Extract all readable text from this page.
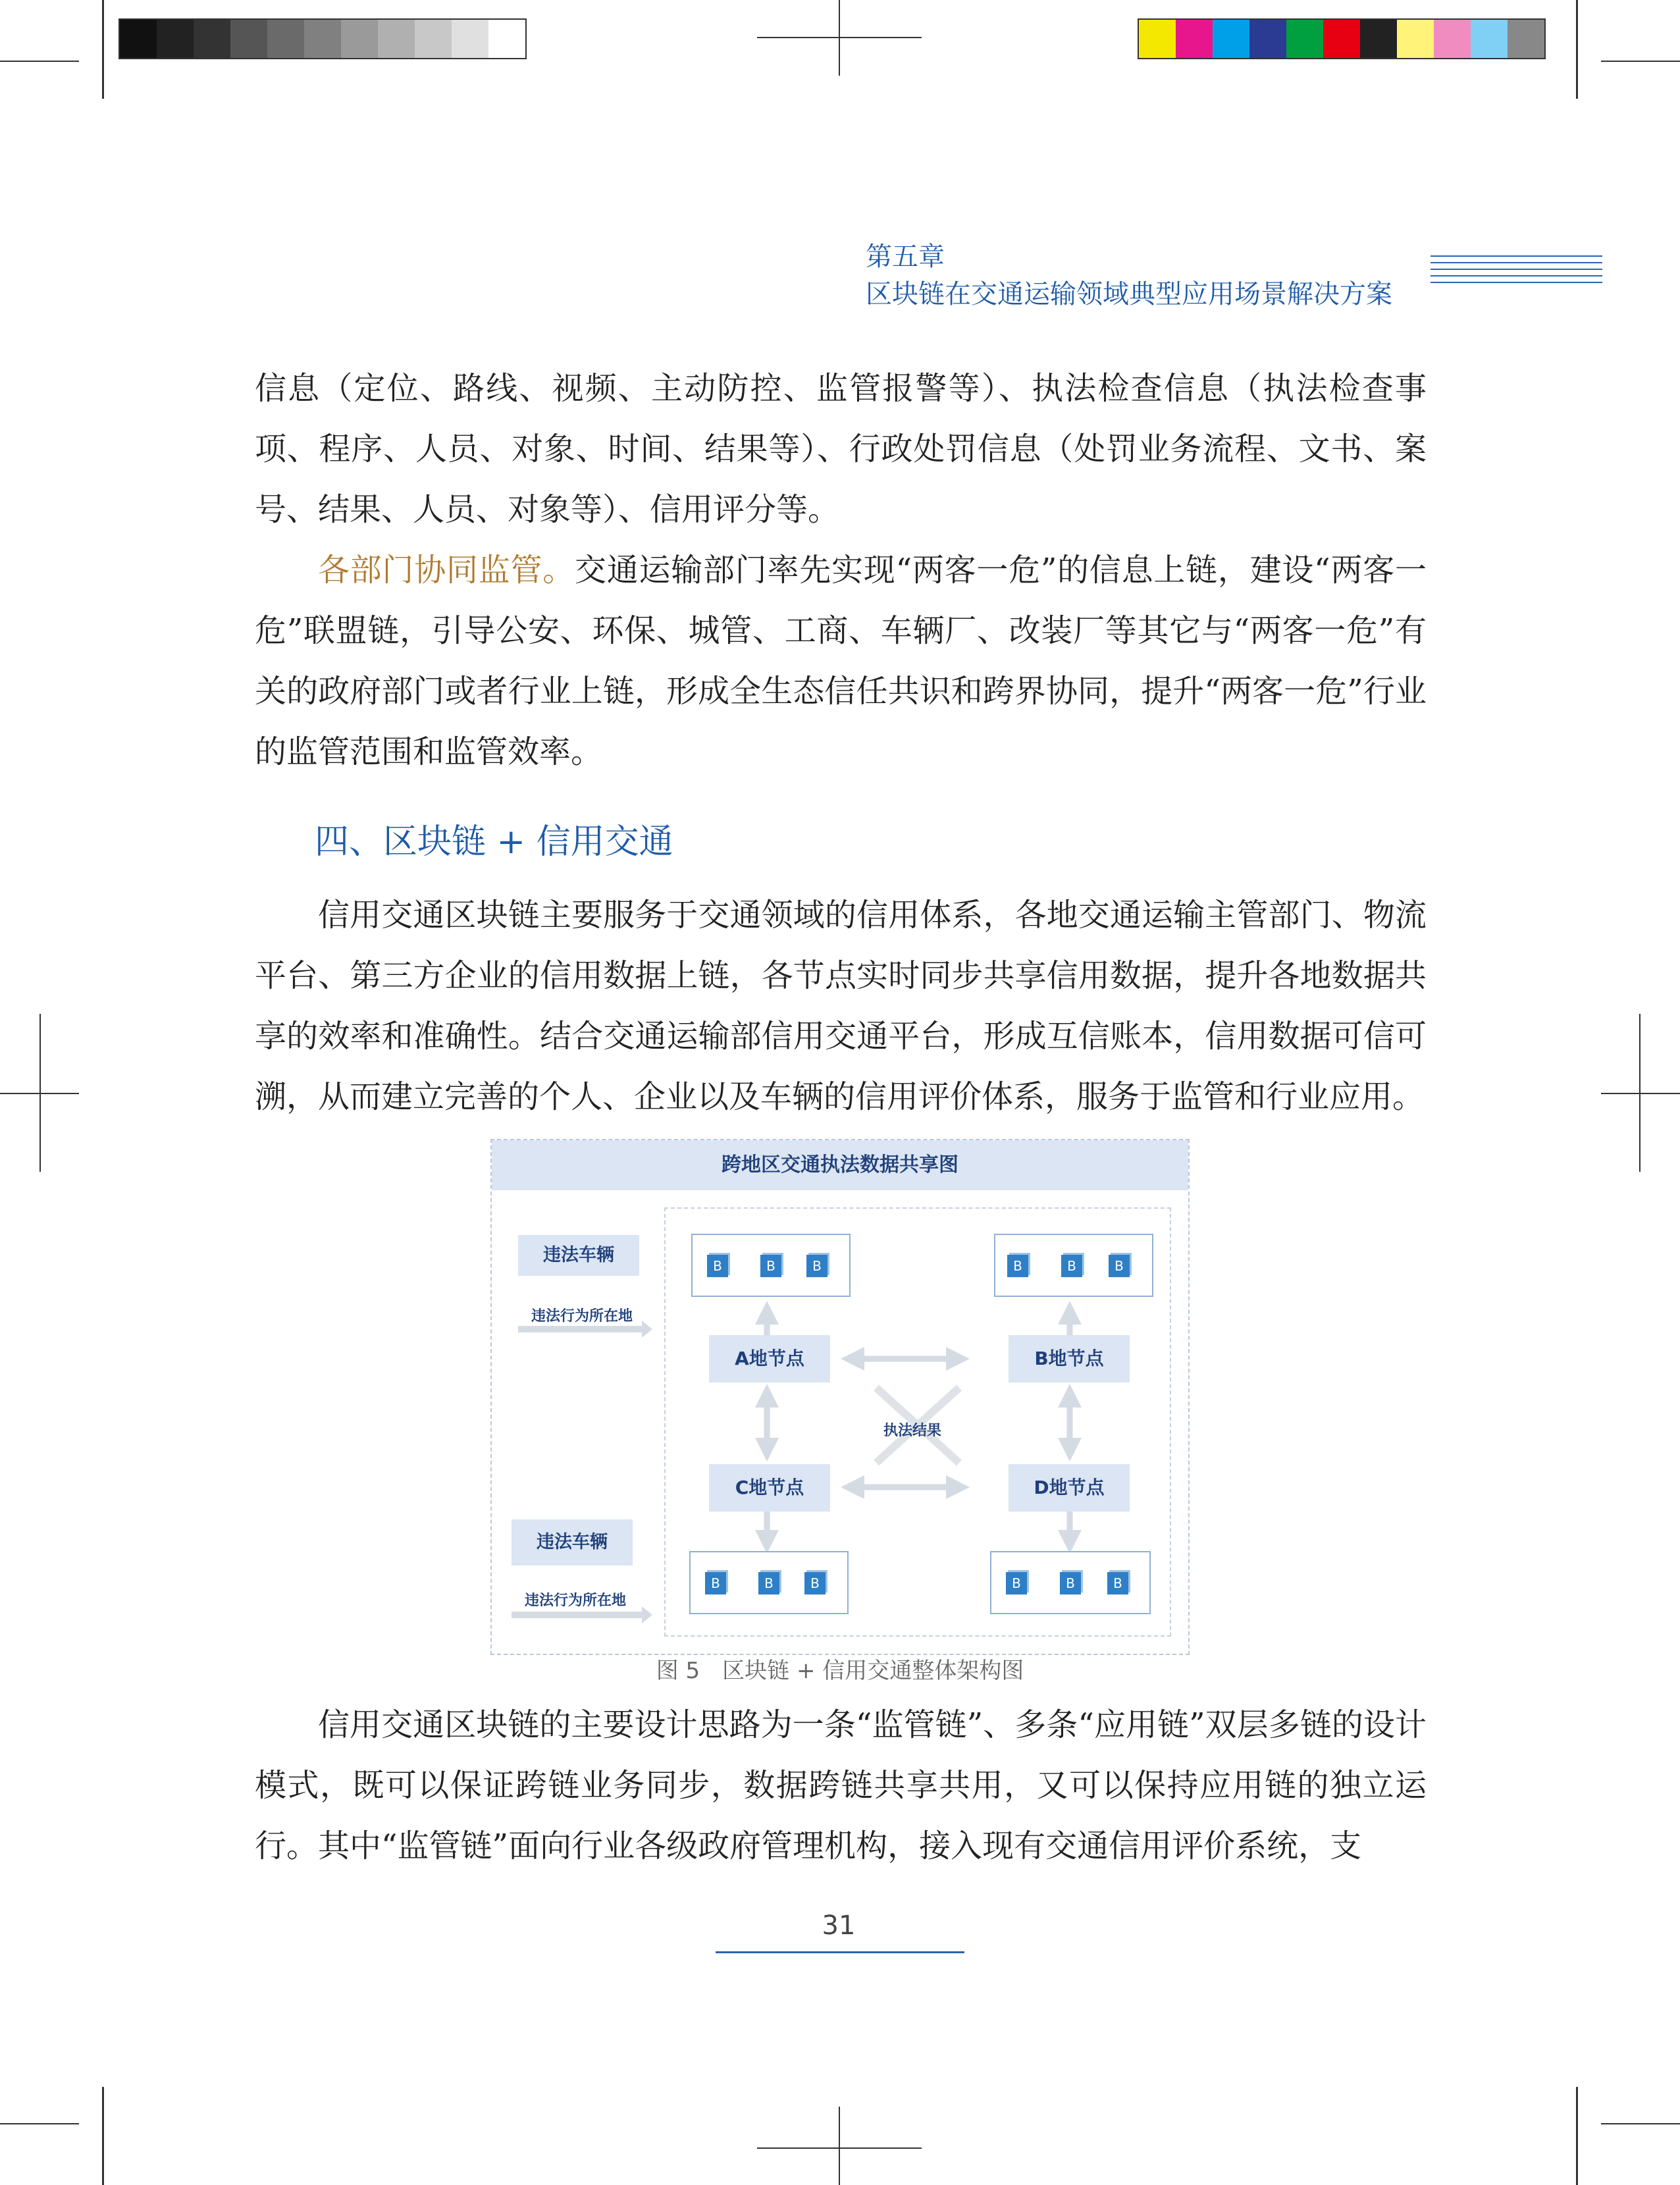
第五章
区块链在交通运输领域典型应用场景解决方案
信息（定位、路线、视频、主动防控、监管报警等）、执法检查信息（执法检查事项、程序、人员、对象、时间、结果等）、行政处罚信息（处罚业务流程、文书、案号、结果、人员、对象等）、信用评分等。
各部门协同监管。交通运输部门率先实现“两客一危”的信息上链，建设“两客一危”联盟链，引导公安、环保、城管、工商、车辆厂、改装厂等其它与“两客一危”有关的政府部门或者行业上链，形成全生态信任共识和跨界协同，提升“两客一危”行业的监管范围和监管效率。
四、区块链 + 信用交通
信用交通区块链主要服务于交通领域的信用体系，各地交通运输主管部门、物流平台、第三方企业的信用数据上链，各节点实时同步共享信用数据，提升各地数据共享的效率和准确性。结合交通运输部信用交通平台，形成互信账本，信用数据可信可溯，从而建立完善的个人、企业以及车辆的信用评价体系，服务于监管和行业应用。
跨地区交通执法数据共享图
违法车辆
违法行为所在地
违法车辆
违法行为所在地
A地节点	B地节点
C地节点	D地节点
执法结果
B	B	B	B	B	B
B	B	B	B	B	B
图 5　区块链 + 信用交通整体架构图
信用交通区块链的主要设计思路为一条“监管链”、多条“应用链”双层多链的设计模式，既可以保证跨链业务同步，数据跨链共享共用，又可以保持应用链的独立运行。其中“监管链”面向行业各级政府管理机构，接入现有交通信用评价系统，支
31
